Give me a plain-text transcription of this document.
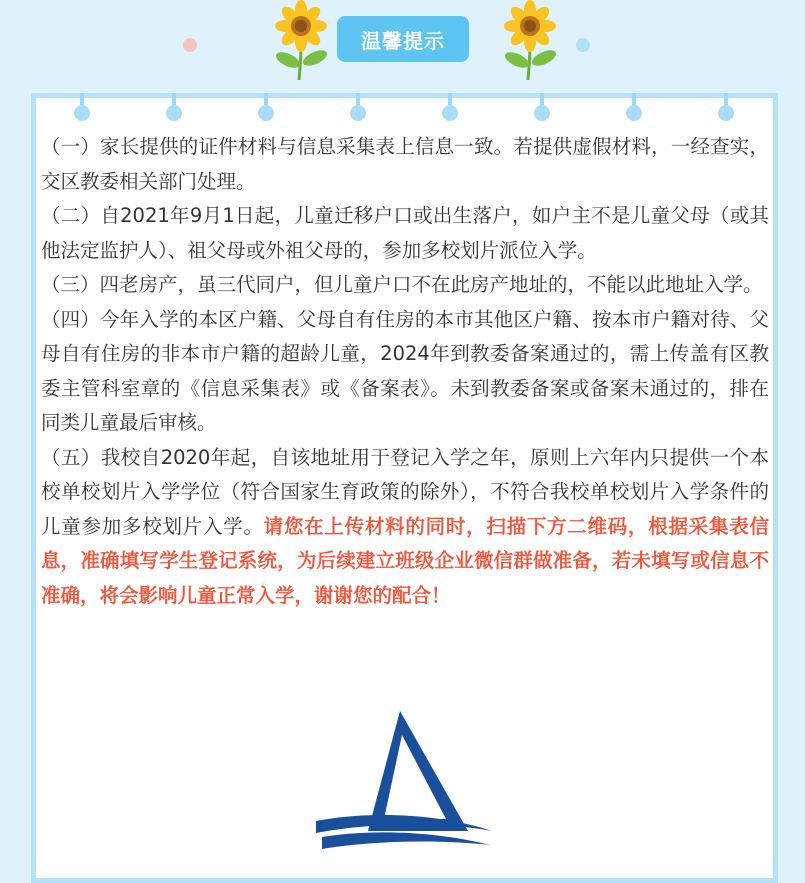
温馨提示

（一）家长提供的证件材料与信息采集表上信息一致。若提供虚假材料，一经查实，交区教委相关部门处理。

（二）自2021年9月1日起，儿童迁移户口或出生落户，如户主不是儿童父母（或其他法定监护人）、祖父母或外祖父母的，参加多校划片派位入学。

（三）四老房产，虽三代同户，但儿童户口不在此房产地址的，不能以此地址入学。

（四）今年入学的本区户籍、父母自有住房的本市其他区户籍、按本市户籍对待、父母自有住房的非本市户籍的超龄儿童，2024年到教委备案通过的，需上传盖有区教委主管科室章的《信息采集表》或《备案表》。未到教委备案或备案未通过的，排在同类儿童最后审核。

（五）我校自2020年起，自该地址用于登记入学之年，原则上六年内只提供一个本校单校划片入学学位（符合国家生育政策的除外），不符合我校单校划片入学条件的儿童参加多校划片入学。请您在上传材料的同时，扫描下方二维码，根据采集表信息，准确填写学生登记系统，为后续建立班级企业微信群做准备，若未填写或信息不准确，将会影响儿童正常入学，谢谢您的配合！
